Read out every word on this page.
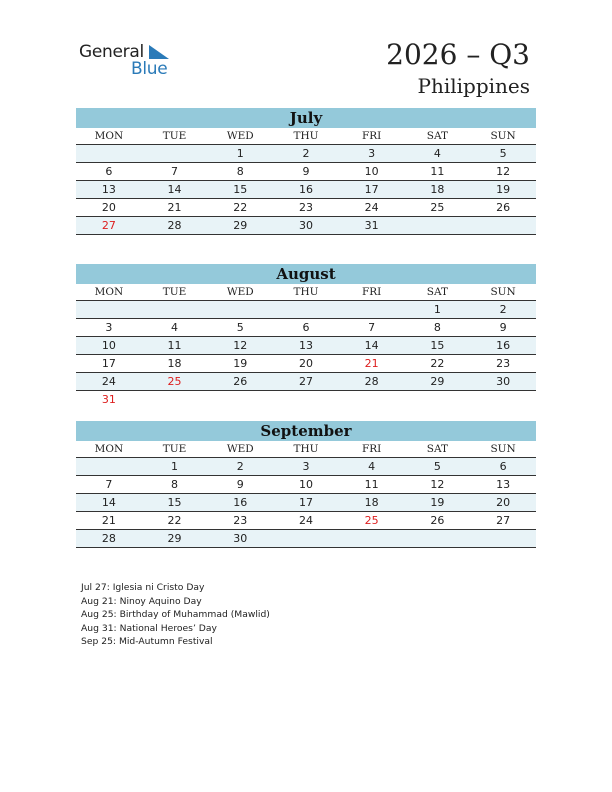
General
Blue	2026 – Q3
Philippines
July
MON	TUE	WED	THU	FRI	SAT	SUN
		1	2	3	4	5
6	7	8	9	10	11	12
13	14	15	16	17	18	19
20	21	22	23	24	25	26
27	28	29	30	31		
August
MON	TUE	WED	THU	FRI	SAT	SUN
					1	2
3	4	5	6	7	8	9
10	11	12	13	14	15	16
17	18	19	20	21	22	23
24	25	26	27	28	29	30
31						
September
MON	TUE	WED	THU	FRI	SAT	SUN
	1	2	3	4	5	6
7	8	9	10	11	12	13
14	15	16	17	18	19	20
21	22	23	24	25	26	27
28	29	30				
Jul 27: Iglesia ni Cristo Day
Aug 21: Ninoy Aquino Day
Aug 25: Birthday of Muhammad (Mawlid)
Aug 31: National Heroes’ Day
Sep 25: Mid-Autumn Festival
